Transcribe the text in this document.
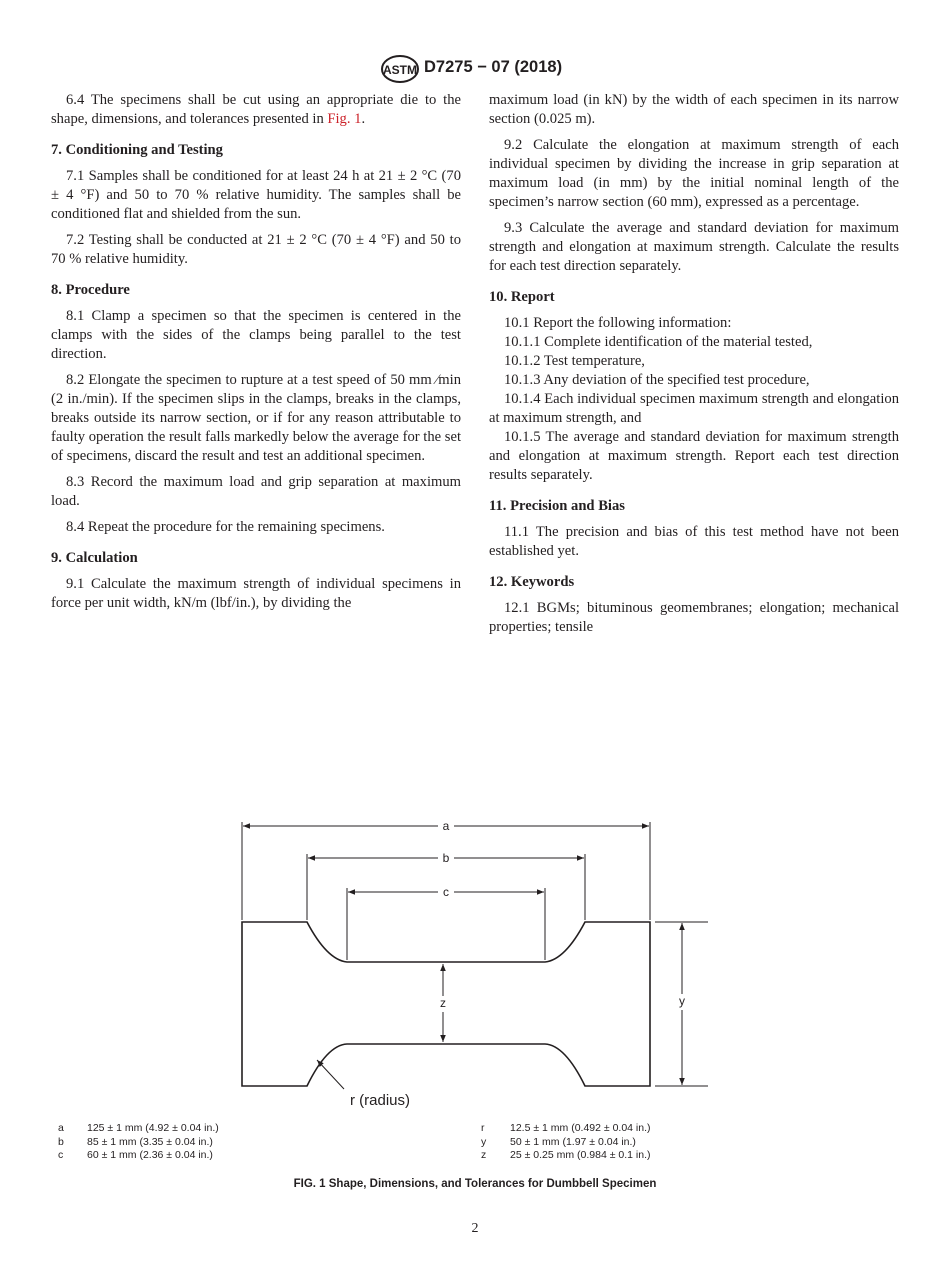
ASTM D7275 − 07 (2018)

6.4 The specimens shall be cut using an appropriate die to the shape, dimensions, and tolerances presented in Fig. 1.

7. Conditioning and Testing

7.1 Samples shall be conditioned for at least 24 h at 21 ± 2 °C (70 ± 4 °F) and 50 to 70 % relative humidity. The samples shall be conditioned flat and shielded from the sun.

7.2 Testing shall be conducted at 21 ± 2 °C (70 ± 4 °F) and 50 to 70 % relative humidity.

8. Procedure

8.1 Clamp a specimen so that the specimen is centered in the clamps with the sides of the clamps being parallel to the test direction.

8.2 Elongate the specimen to rupture at a test speed of 50 mm ⁄min (2 in./min). If the specimen slips in the clamps, breaks in the clamps, breaks outside its narrow section, or if for any reason attributable to faulty operation the result falls markedly below the average for the set of specimens, discard the result and test an additional specimen.

8.3 Record the maximum load and grip separation at maximum load.

8.4 Repeat the procedure for the remaining specimens.

9. Calculation

9.1 Calculate the maximum strength of individual specimens in force per unit width, kN/m (lbf/in.), by dividing the

maximum load (in kN) by the width of each specimen in its narrow section (0.025 m).

9.2 Calculate the elongation at maximum strength of each individual specimen by dividing the increase in grip separation at maximum load (in mm) by the initial nominal length of the specimen’s narrow section (60 mm), expressed as a percentage.

9.3 Calculate the average and standard deviation for maximum strength and elongation at maximum strength. Calculate the results for each test direction separately.

10. Report

10.1 Report the following information:

10.1.1 Complete identification of the material tested,

10.1.2 Test temperature,

10.1.3 Any deviation of the specified test procedure,

10.1.4 Each individual specimen maximum strength and elongation at maximum strength, and

10.1.5 The average and standard deviation for maximum strength and elongation at maximum strength. Report each test direction results separately.

11. Precision and Bias

11.1 The precision and bias of this test method have not been established yet.

12. Keywords

12.1 BGMs; bituminous geomembranes; elongation; mechanical properties; tensile

a
b
c
y
z
r (radius)
a 125 ± 1 mm (4.92 ± 0.04 in.)
b 85 ± 1 mm (3.35 ± 0.04 in.)
c 60 ± 1 mm (2.36 ± 0.04 in.)
r 12.5 ± 1 mm (0.492 ± 0.04 in.)
y 50 ± 1 mm (1.97 ± 0.04 in.)
z 25 ± 0.25 mm (0.984 ± 0.1 in.)
FIG. 1 Shape, Dimensions, and Tolerances for Dumbbell Specimen
2
